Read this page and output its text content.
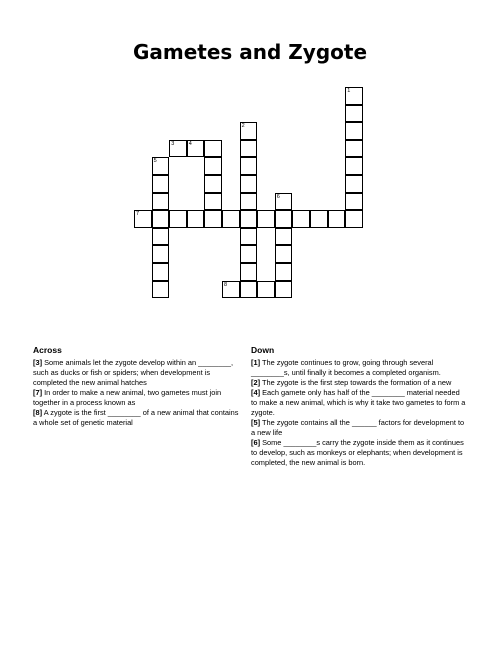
Gametes and Zygote
1
2
3	4
5
6
7
8
Across

[3] Some animals let the zygote develop within an ________, such as ducks or fish or spiders; when development is completed the new animal hatches

[7] In order to make a new animal, two gametes must join together in a process known as

[8] A zygote is the first ________ of a new animal that contains a whole set of genetic material

Down

[1] The zygote continues to grow, going through several ________s, until finally it becomes a completed organism.

[2] The zygote is the first step towards the formation of a new

[4] Each gamete only has half of the ________ material needed to make a new animal, which is why it take two gametes to form a zygote.

[5] The zygote contains all the ______ factors for development to a new life

[6] Some ________s carry the zygote inside them as it continues to develop, such as monkeys or elephants; when development is completed, the new animal is born.
